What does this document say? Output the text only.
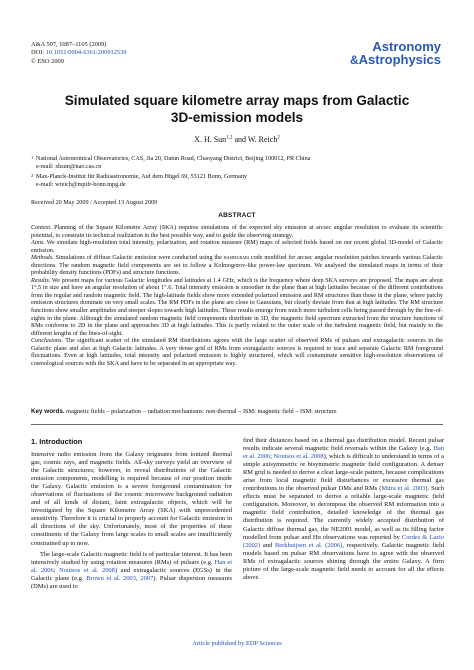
A&A 507, 1087–1105 (2009)
DOI: 10.1051/0004-6361/200912539
© ESO 2009
Astronomy
&Astrophysics
Simulated square kilometre array maps from Galactic
3D-emission models
X. H. Sun$^{1,2}$ and W. Reich$^2$
1 National Astronomical Observatories, CAS, Jia 20, Datun Road, Chaoyang District, Beijing 100012, PR China
e-mail: xhsun@nao.cas.cn
2 Max-Planck-Institut für Radioastronomie, Auf dem Hügel 69, 53121 Bonn, Germany
e-mail: wreich@mpifr-bonn.mpg.de
Received 20 May 2009 / Accepted 13 August 2009
ABSTRACT

Context. Planning of the Square Kilometre Array (SKA) requires simulations of the expected sky emission at arcsec angular resolution to evaluate its scientific potential, to constrain its technical realization in the best possible way, and to guide the observing strategy.

Aims. We simulate high-resolution total intensity, polarization, and rotation measure (RM) maps of selected fields based on our recent global 3D-model of Galactic emission.

Methods. Simulations of diffuse Galactic emission were conducted using the hammurabi code modified for arcsec angular resolution patches towards various Galactic directions. The random magnetic field components are set to follow a Kolmogorov-like power-law spectrum. We analysed the simulated maps in terms of their probability density functions (PDFs) and structure functions.

Results. We present maps for various Galactic longitudes and latitudes at 1.4 GHz, which is the frequency where deep SKA surveys are proposed. The maps are about 1°.5 in size and have an angular resolution of about 1″.6. Total intensity emission is smoother in the plane than at high latitudes because of the different contributions from the regular and random magnetic field. The high-latitude fields show more extended polarized emission and RM structures than those in the plane, where patchy emission structures dominate on very small scales. The RM PDFs in the plane are close to Gaussians, but clearly deviate from that at high latitudes. The RM structure functions show smaller amplitudes and steeper slopes towards high latitudes. These results emerge from much more turbulent cells being passed through by the line-of-sights in the plane. Although the simulated random magnetic field components distribute in 3D, the magnetic field spectrum extracted from the structure functions of RMs conforms to 2D in the plane and approaches 3D at high latitudes. This is partly related to the outer scale of the turbulent magnetic field, but mainly to the different lengths of the lines-of-sight.

Conclusions. The significant scatter of the simulated RM distributions agrees with the large scatter of observed RMs of pulsars and extragalactic sources in the Galactic plane and also at high Galactic latitudes. A very dense grid of RMs from extragalactic sources is required to trace and separate Galactic RM foreground fluctuations. Even at high latitudes, total intensity and polarized emission is highly structured, which will contaminate sensitive high-resolution observations of cosmological sources with the SKA and have to be separated in an appropriate way.

Key words. magnetic fields – polarization – radiation mechanisms: non-thermal – ISM: magnetic field – ISM: structure
1. Introduction

Intensive radio emission from the Galaxy originates from ionized thermal gas, cosmic rays, and magnetic fields. All-sky surveys yield an overview of the Galactic structures; however, to reveal distributions of the Galactic emission components, modelling is required because of our position inside the Galaxy. Galactic emission is a severe foreground contamination for observations of fluctuations of the cosmic microwave background radiation and of all kinds of distant, faint extragalactic objects, which will be investigated by the Square Kilometre Array (SKA) with unprecedented sensitivity. Therefore it is crucial to properly account for Galactic emission in all directions of the sky. Unfortunately, most of the properties of these constituents of the Galaxy from large scales to small scales are insufficiently constrained up to now.

The large-scale Galactic magnetic field is of particular interest. It has been intensively studied by using rotation measures (RMs) of pulsars (e.g. Han et al. 2006; Noutsos et al. 2008) and extragalactic sources (EGSs) in the Galactic plane (e.g. Brown et al. 2003, 2007). Pulsar dispersion measures (DMs) are used to

find their distances based on a thermal gas distribution model. Recent pulsar results indicate several magnetic field reversals within the Galaxy (e.g. Han et al. 2006; Noutsos et al. 2008), which is difficult to understand in terms of a simple axisymmetric or bisymmetric magnetic field configuration. A denser RM grid is needed to derive a clear large-scale pattern, because complications arise from local magnetic field disturbances or excessive thermal gas contributions to the observed pulsar DMs and RMs (Mitra et al. 2003). Such effects must be separated to derive a reliable large-scale magnetic field configuration. Moreover, to decompose the observed RM information into a magnetic field contribution, detailed knowledge of the thermal gas distribution is required. The currently widely accepted distribution of Galactic diffuse thermal gas, the NE2001 model, as well as its filling factor modelled from pulsar and Hα observations was reported by Cordes & Lazio (2002) and Berkhuijsen et al. (2006), respectively. Galactic magnetic field models based on pulsar RM observations have to agree with the observed RMs of extragalactic sources shining through the entire Galaxy. A firm picture of the large-scale magnetic field needs to account for all the effects above.

Article published by EDP Sciences
